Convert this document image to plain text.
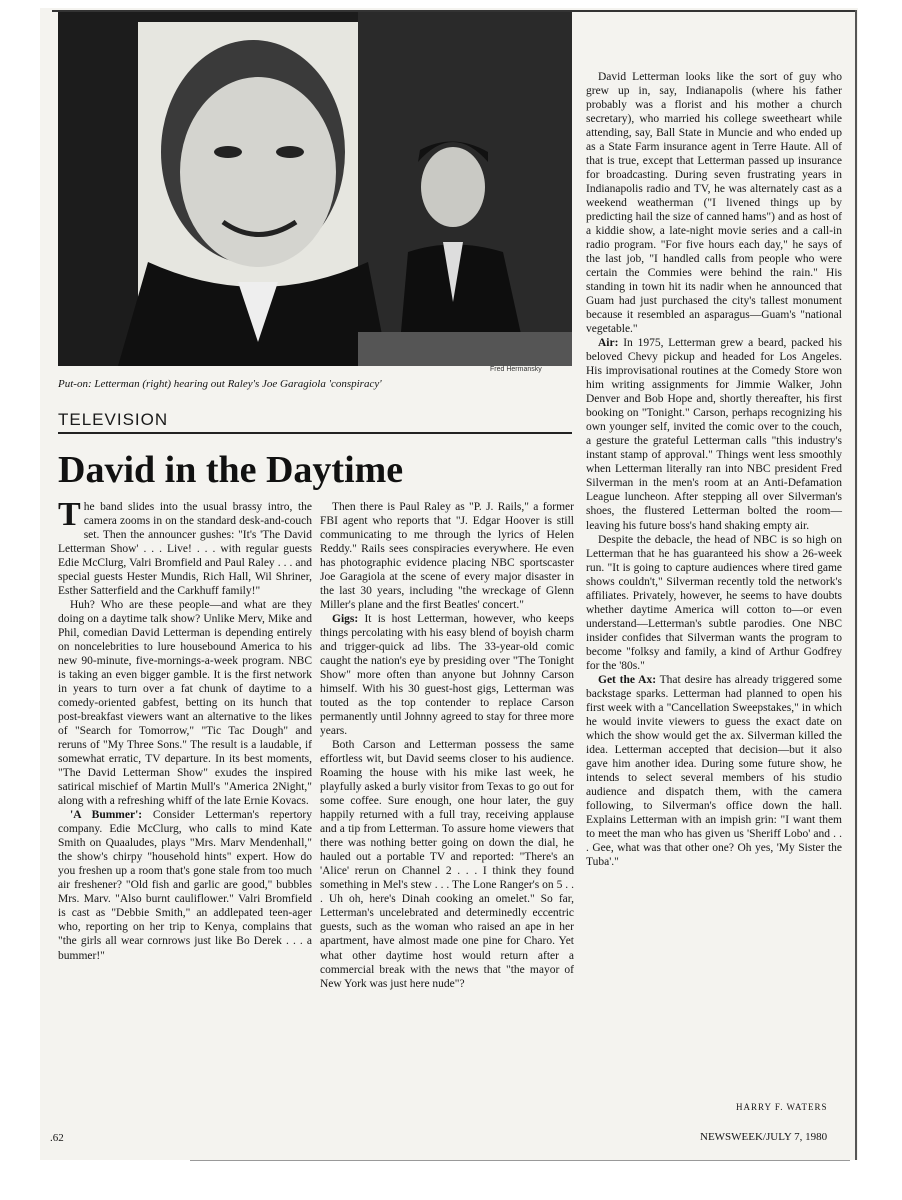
Fred Hermansky
Put-on: Letterman (right) hearing out Raley's Joe Garagiola 'conspiracy'
TELEVISION
David in the Daytime

The band slides into the usual brassy intro, the camera zooms in on the standard desk-and-couch set. Then the announcer gushes: "It's 'The David Letterman Show' . . . Live! . . . with regular guests Edie McClurg, Valri Bromfield and Paul Raley . . . and special guests Hester Mundis, Rich Hall, Wil Shriner, Esther Satterfield and the Carkhuff family!"

Huh? Who are these people—and what are they doing on a daytime talk show? Unlike Merv, Mike and Phil, comedian David Letterman is depending entirely on noncelebrities to lure housebound America to his new 90-minute, five-mornings-a-week program. NBC is taking an even bigger gamble. It is the first network in years to turn over a fat chunk of daytime to a comedy-oriented gabfest, betting on its hunch that post-breakfast viewers want an alternative to the likes of "Search for Tomorrow," "Tic Tac Dough" and reruns of "My Three Sons." The result is a laudable, if somewhat erratic, TV departure. In its best moments, "The David Letterman Show" exudes the inspired satirical mischief of Martin Mull's "America 2Night," along with a refreshing whiff of the late Ernie Kovacs.

'A Bummer': Consider Letterman's repertory company. Edie McClurg, who calls to mind Kate Smith on Quaaludes, plays "Mrs. Marv Mendenhall," the show's chirpy "household hints" expert. How do you freshen up a room that's gone stale from too much air freshener? "Old fish and garlic are good," bubbles Mrs. Marv. "Also burnt cauliflower." Valri Bromfield is cast as "Debbie Smith," an addlepated teen-ager who, reporting on her trip to Kenya, complains that "the girls all wear cornrows just like Bo Derek . . . a bummer!"

Then there is Paul Raley as "P. J. Rails," a former FBI agent who reports that "J. Edgar Hoover is still communicating to me through the lyrics of Helen Reddy." Rails sees conspiracies everywhere. He even has photographic evidence placing NBC sportscaster Joe Garagiola at the scene of every major disaster in the last 30 years, including "the wreckage of Glenn Miller's plane and the first Beatles' concert."

Gigs: It is host Letterman, however, who keeps things percolating with his easy blend of boyish charm and trigger-quick ad libs. The 33-year-old comic caught the nation's eye by presiding over "The Tonight Show" more often than anyone but Johnny Carson himself. With his 30 guest-host gigs, Letterman was touted as the top contender to replace Carson permanently until Johnny agreed to stay for three more years.

Both Carson and Letterman possess the same effortless wit, but David seems closer to his audience. Roaming the house with his mike last week, he playfully asked a burly visitor from Texas to go out for some coffee. Sure enough, one hour later, the guy happily returned with a full tray, receiving applause and a tip from Letterman. To assure home viewers that there was nothing better going on down the dial, he hauled out a portable TV and reported: "There's an 'Alice' rerun on Channel 2 . . . I think they found something in Mel's stew . . . The Lone Ranger's on 5 . . . Uh oh, here's Dinah cooking an omelet." So far, Letterman's uncelebrated and determinedly eccentric guests, such as the woman who raised an ape in her apartment, have almost made one pine for Charo. Yet what other daytime host would return after a commercial break with the news that "the mayor of New York was just here nude"?

David Letterman looks like the sort of guy who grew up in, say, Indianapolis (where his father probably was a florist and his mother a church secretary), who married his college sweetheart while attending, say, Ball State in Muncie and who ended up as a State Farm insurance agent in Terre Haute. All of that is true, except that Letterman passed up insurance for broadcasting. During seven frustrating years in Indianapolis radio and TV, he was alternately cast as a weekend weatherman ("I livened things up by predicting hail the size of canned hams") and as host of a kiddie show, a late-night movie series and a call-in radio program. "For five hours each day," he says of the last job, "I handled calls from people who were certain the Commies were behind the rain." His standing in town hit its nadir when he announced that Guam had just purchased the city's tallest monument because it resembled an asparagus—Guam's "national vegetable."

Air: In 1975, Letterman grew a beard, packed his beloved Chevy pickup and headed for Los Angeles. His improvisational routines at the Comedy Store won him writing assignments for Jimmie Walker, John Denver and Bob Hope and, shortly thereafter, his first booking on "Tonight." Carson, perhaps recognizing his own younger self, invited the comic over to the couch, a gesture the grateful Letterman calls "this industry's instant stamp of approval." Things went less smoothly when Letterman literally ran into NBC president Fred Silverman in the men's room at an Anti-Defamation League luncheon. After stepping all over Silverman's shoes, the flustered Letterman bolted the room—leaving his future boss's hand shaking empty air.

Despite the debacle, the head of NBC is so high on Letterman that he has guaranteed his show a 26-week run. "It is going to capture audiences where tired game shows couldn't," Silverman recently told the network's affiliates. Privately, however, he seems to have doubts whether daytime America will cotton to—or even understand—Letterman's subtle parodies. One NBC insider confides that Silverman wants the program to become "folksy and family, a kind of Arthur Godfrey for the '80s."

Get the Ax: That desire has already triggered some backstage sparks. Letterman had planned to open his first week with a "Cancellation Sweepstakes," in which he would invite viewers to guess the exact date on which the show would get the ax. Silverman killed the idea. Letterman accepted that decision—but it also gave him another idea. During some future show, he intends to select several members of his studio audience and dispatch them, with the camera following, to Silverman's office down the hall. Explains Letterman with an impish grin: "I want them to meet the man who has given us 'Sheriff Lobo' and . . . Gee, what was that other one? Oh yes, 'My Sister the Tuba'."

HARRY F. WATERS
.62	NEWSWEEK/JULY 7, 1980
